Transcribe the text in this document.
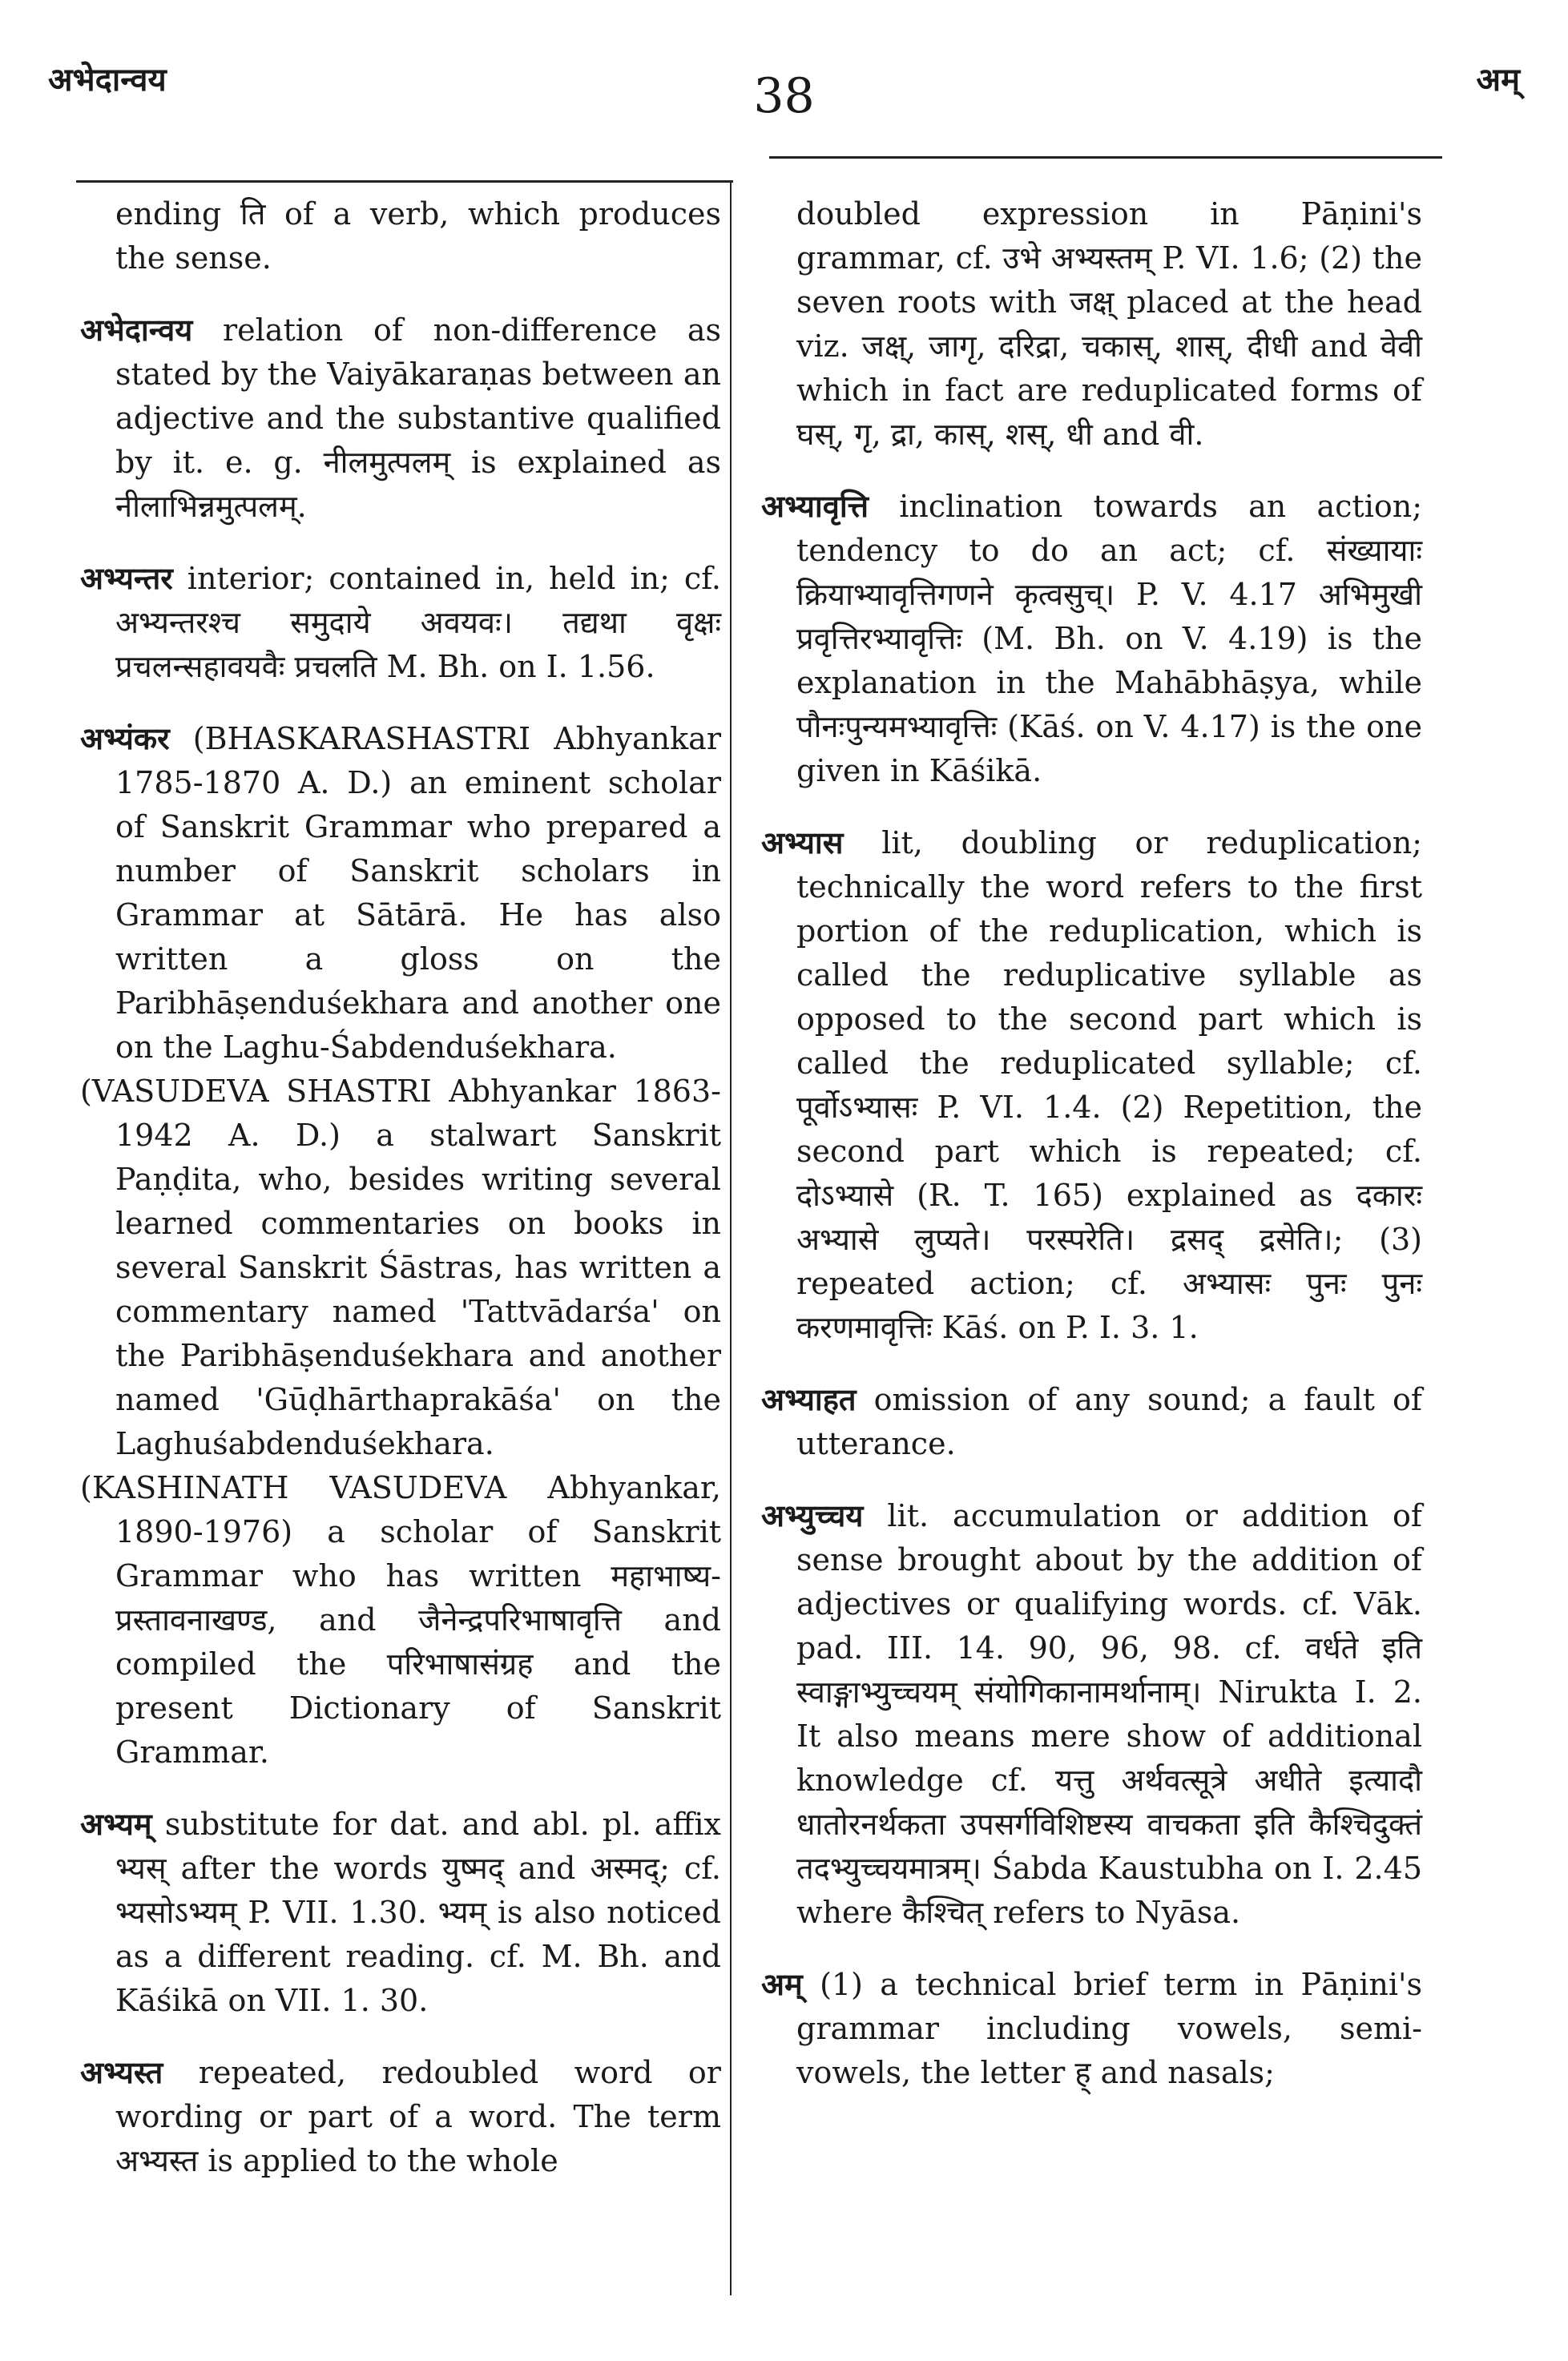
अभेदान्वय	38	अम्
ending ति of a verb, which produces the sense.
अभेदान्वय relation of non-difference as stated by the Vaiyākaraṇas between an adjective and the substantive qualified by it. e. g. नीलमुत्पलम् is explained as नीलाभिन्नमुत्पलम्.
अभ्यन्तर interior; contained in, held in; cf. अभ्यन्तरश्च समुदाये अवयवः। तद्यथा वृक्षः प्रचलन्सहावयवैः प्रचलति M. Bh. on I. 1.56.
अभ्यंकर (BHASKARASHASTRI Abhyankar 1785-1870 A. D.) an eminent scholar of Sanskrit Grammar who prepared a number of Sanskrit scholars in Grammar at Sātārā. He has also written a gloss on the Paribhāṣenduśekhara and another one on the Laghu-Śabdenduśekhara.
(VASUDEVA SHASTRI Abhyankar 1863-1942 A. D.) a stalwart Sanskrit Paṇḍita, who, besides writing several learned commentaries on books in several Sanskrit Śāstras, has written a commentary named 'Tattvādarśa' on the Paribhāṣenduśekhara and another named 'Gūḍhārthaprakāśa' on the Laghuśabdenduśekhara.
(KASHINATH VASUDEVA Abhyankar, 1890-1976) a scholar of Sanskrit Grammar who has written महाभाष्य-प्रस्तावनाखण्ड, and जैनेन्द्रपरिभाषावृत्ति and compiled the परिभाषासंग्रह and the present Dictionary of Sanskrit Grammar.
अभ्यम् substitute for dat. and abl. pl. affix भ्यस् after the words युष्मद् and अस्मद्; cf. भ्यसोऽभ्यम् P. VII. 1.30. भ्यम् is also noticed as a different reading. cf. M. Bh. and Kāśikā on VII. 1. 30.
अभ्यस्त repeated, redoubled word or wording or part of a word. The term अभ्यस्त is applied to the whole
doubled expression in Pāṇini's grammar, cf. उभे अभ्यस्तम् P. VI. 1.6; (2) the seven roots with जक्ष् placed at the head viz. जक्ष्, जागृ, दरिद्रा, चकास्, शास्, दीधी and वेवी which in fact are reduplicated forms of घस्, गृ, द्रा, कास्, शस्, धी and वी.
अभ्यावृत्ति inclination towards an action; tendency to do an act; cf. संख्यायाः क्रियाभ्यावृत्तिगणने कृत्वसुच्। P. V. 4.17 अभिमुखी प्रवृत्तिरभ्यावृत्तिः (M. Bh. on V. 4.19) is the explanation in the Mahābhāṣya, while पौनःपुन्यमभ्यावृत्तिः (Kāś. on V. 4.17) is the one given in Kāśikā.
अभ्यास lit, doubling or reduplication; technically the word refers to the first portion of the reduplication, which is called the reduplicative syllable as opposed to the second part which is called the reduplicated syllable; cf. पूर्वोऽभ्यासः P. VI. 1.4. (2) Repetition, the second part which is repeated; cf. दोऽभ्यासे (R. T. 165) explained as दकारः अभ्यासे लुप्यते। परस्परेति। द्रसद् द्रसेति।; (3) repeated action; cf. अभ्यासः पुनः पुनः करणमावृत्तिः Kāś. on P. I. 3. 1.
अभ्याहत omission of any sound; a fault of utterance.
अभ्युच्चय lit. accumulation or addition of sense brought about by the addition of adjectives or qualifying words. cf. Vāk. pad. III. 14. 90, 96, 98. cf. वर्धते इति स्वाङ्गाभ्युच्चयम् संयोगिकानामर्थानाम्। Nirukta I. 2. It also means mere show of additional knowledge cf. यत्तु अर्थवत्सूत्रे अधीते इत्यादौ धातोरनर्थकता उपसर्गविशिष्टस्य वाचकता इति कैश्चिदुक्तं तदभ्युच्चयमात्रम्। Śabda Kaustubha on I. 2.45 where कैश्चित् refers to Nyāsa.
अम् (1) a technical brief term in Pāṇini's grammar including vowels, semi-vowels, the letter ह् and nasals;
